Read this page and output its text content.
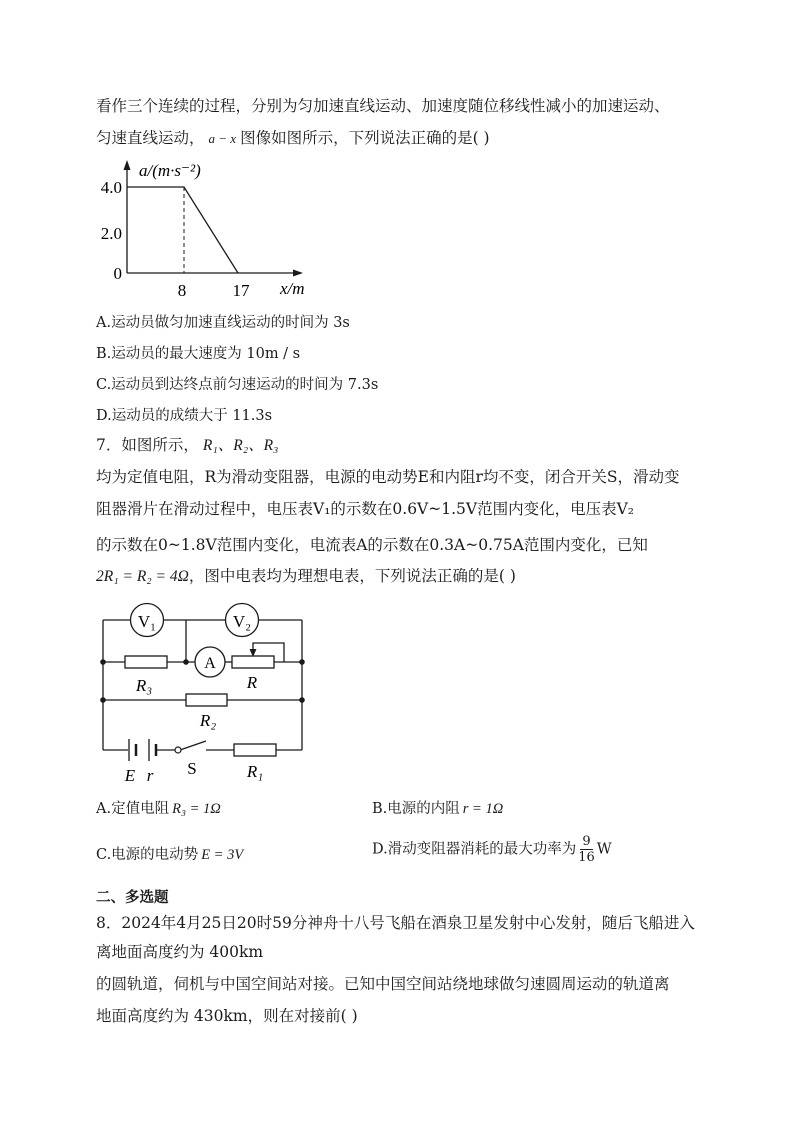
看作三个连续的过程，分别为匀加速直线运动、加速度随位移线性减小的加速运动、
匀速直线运动， a − x 图像如图所示，下列说法正确的是( )
a/(m·s⁻²)
x/m
4.0
2.0
0
8	17
A.运动员做匀加速直线运动的时间为 3s
B.运动员的最大速度为 10m / s
C.运动员到达终点前匀速运动的时间为 7.3s
D.运动员的成绩大于 11.3s
7．如图所示， R₁、R₂、R₃
均为定值电阻，R为滑动变阻器，电源的电动势E和内阻r均不变，闭合开关S，滑动变
阻器滑片在滑动过程中，电压表V₁的示数在0.6V~1.5V范围内变化，电压表V₂
的示数在0~1.8V范围内变化，电流表A的示数在0.3A~0.75A范围内变化，已知
2R₁ = R₂ = 4Ω，图中电表均为理想电表，下列说法正确的是( )
V₁	V₂
A
R₃	R
R₂
R₁
E r S
A.定值电阻 R₃ = 1Ω	B.电源的内阻 r = 1Ω
C.电源的电动势 E = 3V	D.滑动变阻器消耗的最大功率为 $\frac{9}{16}$ W
二、多选题
8．2024年4月25日20时59分神舟十八号飞船在酒泉卫星发射中心发射，随后飞船进入
离地面高度约为 400km
的圆轨道，伺机与中国空间站对接。已知中国空间站绕地球做匀速圆周运动的轨道离
地面高度约为 430km，则在对接前( )
